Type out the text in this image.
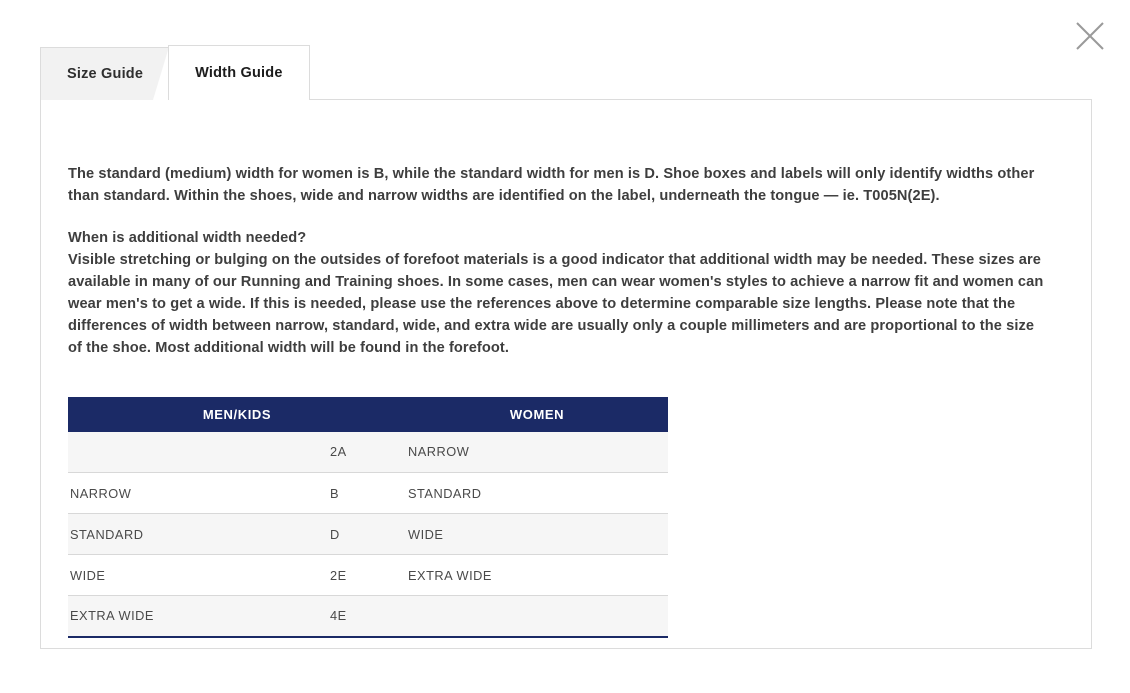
Size Guide	Width Guide

The standard (medium) width for women is B, while the standard width for men is D. Shoe boxes and labels will only identify widths other than standard. Within the shoes, wide and narrow widths are identified on the label, underneath the tongue — ie. T005N(2E).

When is additional width needed?
Visible stretching or bulging on the outsides of forefoot materials is a good indicator that additional width may be needed. These sizes are available in many of our Running and Training shoes. In some cases, men can wear women's styles to achieve a narrow fit and women can wear men's to get a wide. If this is needed, please use the references above to determine comparable size lengths. Please note that the differences of width between narrow, standard, wide, and extra wide are usually only a couple millimeters and are proportional to the size of the shoe. Most additional width will be found in the forefoot.
MEN/KIDS		WOMEN
	2A	NARROW
NARROW	B	STANDARD
STANDARD	D	WIDE
WIDE	2E	EXTRA WIDE
EXTRA WIDE	4E	
